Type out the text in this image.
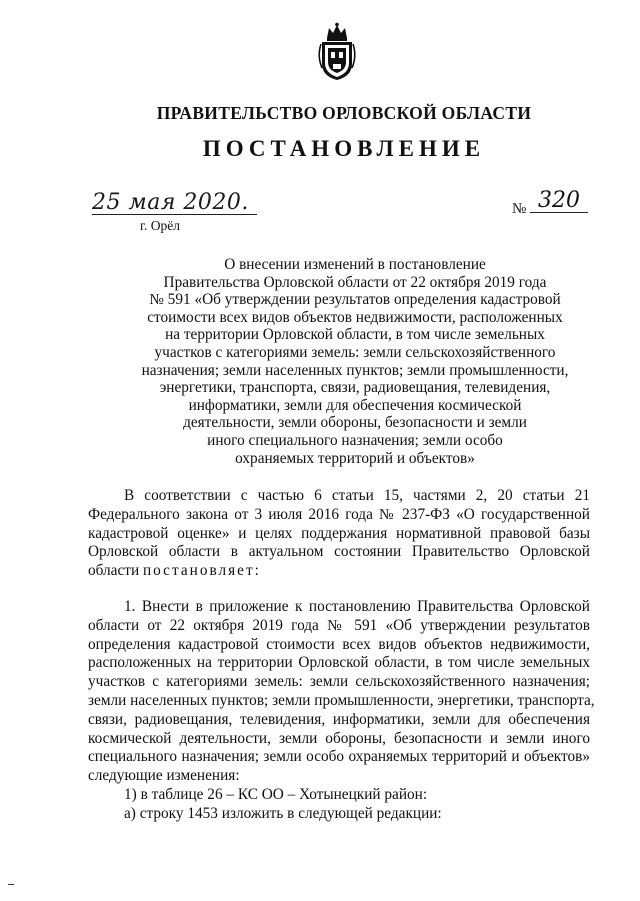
ПРАВИТЕЛЬСТВО ОРЛОВСКОЙ ОБЛАСТИ
ПОСТАНОВЛЕНИЕ
25 мая 2020.
г. Орёл
№ 320
О внесении изменений в постановление
Правительства Орловской области от 22 октября 2019 года
№ 591 «Об утверждении результатов определения кадастровой
стоимости всех видов объектов недвижимости, расположенных
на территории Орловской области, в том числе земельных
участков с категориями земель: земли сельскохозяйственного
назначения; земли населенных пунктов; земли промышленности,
энергетики, транспорта, связи, радиовещания, телевидения,
информатики, земли для обеспечения космической
деятельности, земли обороны, безопасности и земли
иного специального назначения; земли особо
охраняемых территорий и объектов»
В соответствии с частью 6 статьи 15, частями 2, 20 статьи 21
Федерального закона от 3 июля 2016 года № 237-ФЗ «О государственной
кадастровой оценке» и целях поддержания нормативной правовой базы
Орловской области в актуальном состоянии Правительство Орловской
области постановляет:
1. Внести в приложение к постановлению Правительства Орловской
области от 22 октября 2019 года № 591 «Об утверждении результатов
определения кадастровой стоимости всех видов объектов недвижимости,
расположенных на территории Орловской области, в том числе земельных
участков с категориями земель: земли сельскохозяйственного назначения;
земли населенных пунктов; земли промышленности, энергетики, транспорта,
связи, радиовещания, телевидения, информатики, земли для обеспечения
космической деятельности, земли обороны, безопасности и земли иного
специального назначения; земли особо охраняемых территорий и объектов»
следующие изменения:
1) в таблице 26 – КС ОО – Хотынецкий район:
а) строку 1453 изложить в следующей редакции:
